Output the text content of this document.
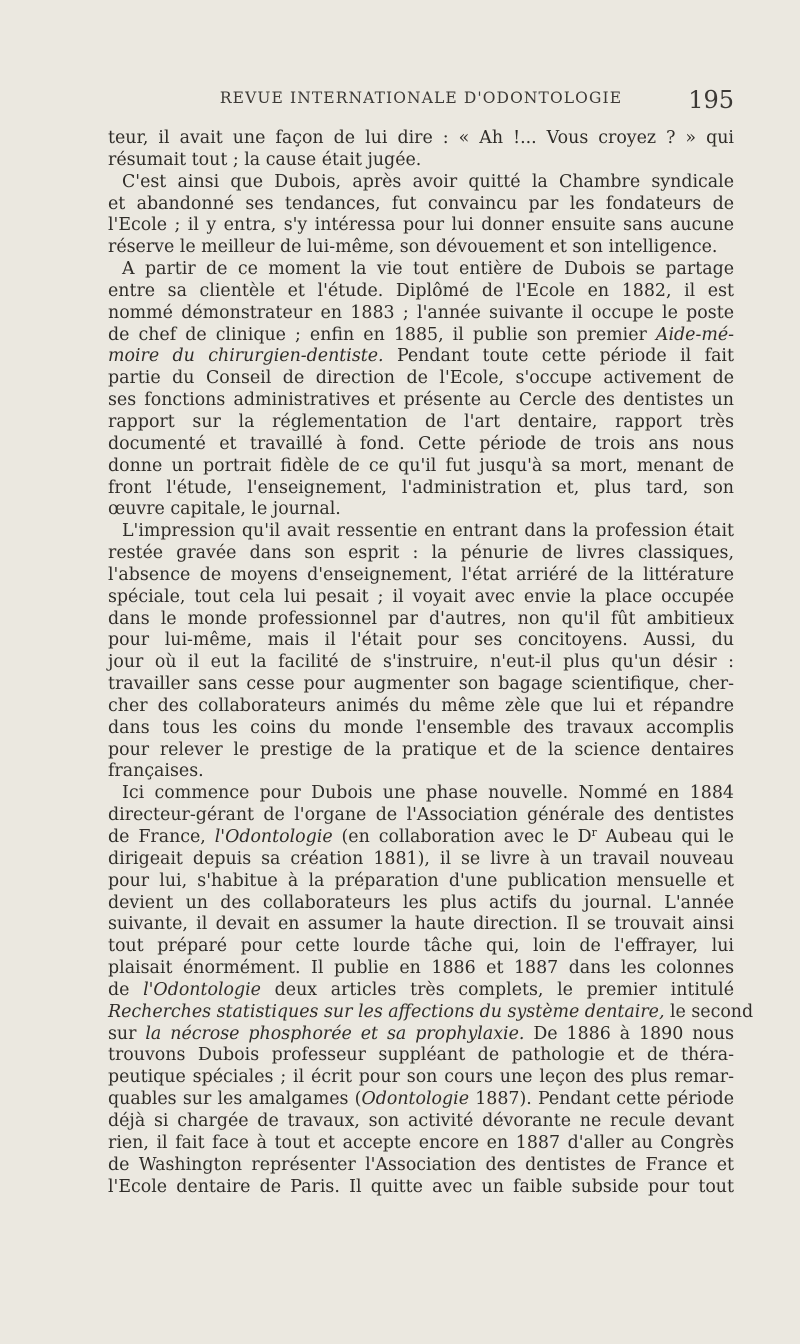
REVUE INTERNATIONALE D'ODONTOLOGIE	195
teur, il avait une façon de lui dire : « Ah !... Vous croyez ? » qui
résumait tout ; la cause était jugée.
C'est ainsi que Dubois, après avoir quitté la Chambre syndicale
et abandonné ses tendances, fut convaincu par les fondateurs de
l'Ecole ; il y entra, s'y intéressa pour lui donner ensuite sans aucune
réserve le meilleur de lui-même, son dévouement et son intelligence.
A partir de ce moment la vie tout entière de Dubois se partage
entre sa clientèle et l'étude. Diplômé de l'Ecole en 1882, il est
nommé démonstrateur en 1883 ; l'année suivante il occupe le poste
de chef de clinique ; enfin en 1885, il publie son premier Aide-mé-
moire du chirurgien-dentiste. Pendant toute cette période il fait
partie du Conseil de direction de l'Ecole, s'occupe activement de
ses fonctions administratives et présente au Cercle des dentistes un
rapport sur la réglementation de l'art dentaire, rapport très
documenté et travaillé à fond. Cette période de trois ans nous
donne un portrait fidèle de ce qu'il fut jusqu'à sa mort, menant de
front l'étude, l'enseignement, l'administration et, plus tard, son
œuvre capitale, le journal.
L'impression qu'il avait ressentie en entrant dans la profession était
restée gravée dans son esprit : la pénurie de livres classiques,
l'absence de moyens d'enseignement, l'état arriéré de la littérature
spéciale, tout cela lui pesait ; il voyait avec envie la place occupée
dans le monde professionnel par d'autres, non qu'il fût ambitieux
pour lui-même, mais il l'était pour ses concitoyens. Aussi, du
jour où il eut la facilité de s'instruire, n'eut-il plus qu'un désir :
travailler sans cesse pour augmenter son bagage scientifique, cher-
cher des collaborateurs animés du même zèle que lui et répandre
dans tous les coins du monde l'ensemble des travaux accomplis
pour relever le prestige de la pratique et de la science dentaires
françaises.
Ici commence pour Dubois une phase nouvelle. Nommé en 1884
directeur-gérant de l'organe de l'Association générale des dentistes
de France, l'Odontologie (en collaboration avec le $D^r$ Aubeau qui le
dirigeait depuis sa création 1881), il se livre à un travail nouveau
pour lui, s'habitue à la préparation d'une publication mensuelle et
devient un des collaborateurs les plus actifs du journal. L'année
suivante, il devait en assumer la haute direction. Il se trouvait ainsi
tout préparé pour cette lourde tâche qui, loin de l'effrayer, lui
plaisait énormément. Il publie en 1886 et 1887 dans les colonnes
de l'Odontologie deux articles très complets, le premier intitulé
Recherches statistiques sur les affections du système dentaire, le second
sur la nécrose phosphorée et sa prophylaxie. De 1886 à 1890 nous
trouvons Dubois professeur suppléant de pathologie et de théra-
peutique spéciales ; il écrit pour son cours une leçon des plus remar-
quables sur les amalgames (Odontologie 1887). Pendant cette période
déjà si chargée de travaux, son activité dévorante ne recule devant
rien, il fait face à tout et accepte encore en 1887 d'aller au Congrès
de Washington représenter l'Association des dentistes de France et
l'Ecole dentaire de Paris. Il quitte avec un faible subside pour tout
